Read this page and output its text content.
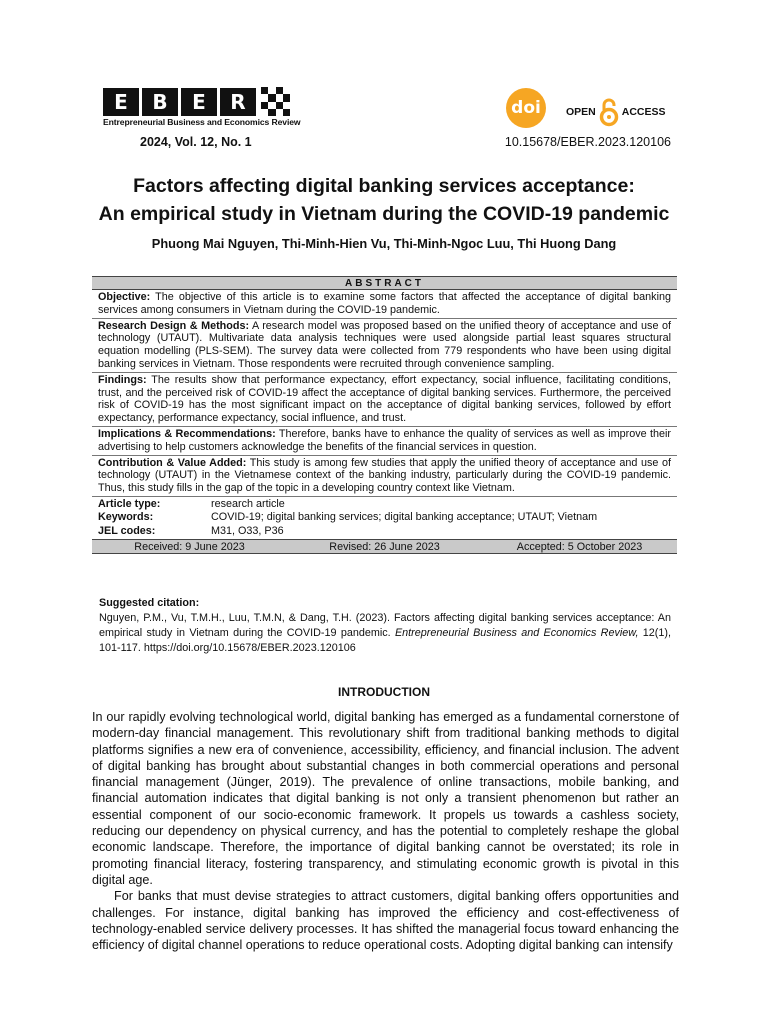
E	B	E	R
Entrepreneurial Business and Economics Review
doi OPEN ACCESS
2024, Vol. 12, No. 1	10.15678/EBER.2023.120106
Factors affecting digital banking services acceptance:
An empirical study in Vietnam during the COVID-19 pandemic
Phuong Mai Nguyen, Thi-Minh-Hien Vu, Thi-Minh-Ngoc Luu, Thi Huong Dang
ABSTRACT
Objective: The objective of this article is to examine some factors that affected the acceptance of digital banking services among consumers in Vietnam during the COVID-19 pandemic.
Research Design & Methods: A research model was proposed based on the unified theory of acceptance and use of technology (UTAUT). Multivariate data analysis techniques were used alongside partial least squares structural equation modelling (PLS-SEM). The survey data were collected from 779 respondents who have been using digital banking services in Vietnam. Those respondents were recruited through convenience sampling.
Findings: The results show that performance expectancy, effort expectancy, social influence, facilitating conditions, trust, and the perceived risk of COVID-19 affect the acceptance of digital banking services. Furthermore, the perceived risk of COVID-19 has the most significant impact on the acceptance of digital banking services, followed by effort expectancy, performance expectancy, social influence, and trust.
Implications & Recommendations: Therefore, banks have to enhance the quality of services as well as improve their advertising to help customers acknowledge the benefits of the financial services in question.
Contribution & Value Added: This study is among few studies that apply the unified theory of acceptance and use of technology (UTAUT) in the Vietnamese context of the banking industry, particularly during the COVID-19 pandemic. Thus, this study fills in the gap of the topic in a developing country context like Vietnam.
Article type:	research article
Keywords:	COVID-19; digital banking services; digital banking acceptance; UTAUT; Vietnam
JEL codes:	M31, O33, P36
Received: 9 June 2023	Revised: 26 June 2023	Accepted: 5 October 2023
Suggested citation:
Nguyen, P.M., Vu, T.M.H., Luu, T.M.N, & Dang, T.H. (2023). Factors affecting digital banking services acceptance: An empirical study in Vietnam during the COVID-19 pandemic. Entrepreneurial Business and Economics Review, 12(1), 101-117. https://doi.org/10.15678/EBER.2023.120106
INTRODUCTION

In our rapidly evolving technological world, digital banking has emerged as a fundamental cornerstone of modern-day financial management. This revolutionary shift from traditional banking methods to digital platforms signifies a new era of convenience, accessibility, efficiency, and financial inclusion. The advent of digital banking has brought about substantial changes in both commercial operations and personal financial management (Jünger, 2019). The prevalence of online transactions, mobile banking, and financial automation indicates that digital banking is not only a transient phenomenon but rather an essential component of our socio-economic framework. It propels us towards a cashless society, reducing our dependency on physical currency, and has the potential to completely reshape the global economic landscape. Therefore, the importance of digital banking cannot be overstated; its role in promoting financial literacy, fostering transparency, and stimulating economic growth is pivotal in this digital age.

For banks that must devise strategies to attract customers, digital banking offers opportunities and challenges. For instance, digital banking has improved the efficiency and cost-effectiveness of technology-enabled service delivery processes. It has shifted the managerial focus toward enhancing the efficiency of digital channel operations to reduce operational costs. Adopting digital banking can intensify
